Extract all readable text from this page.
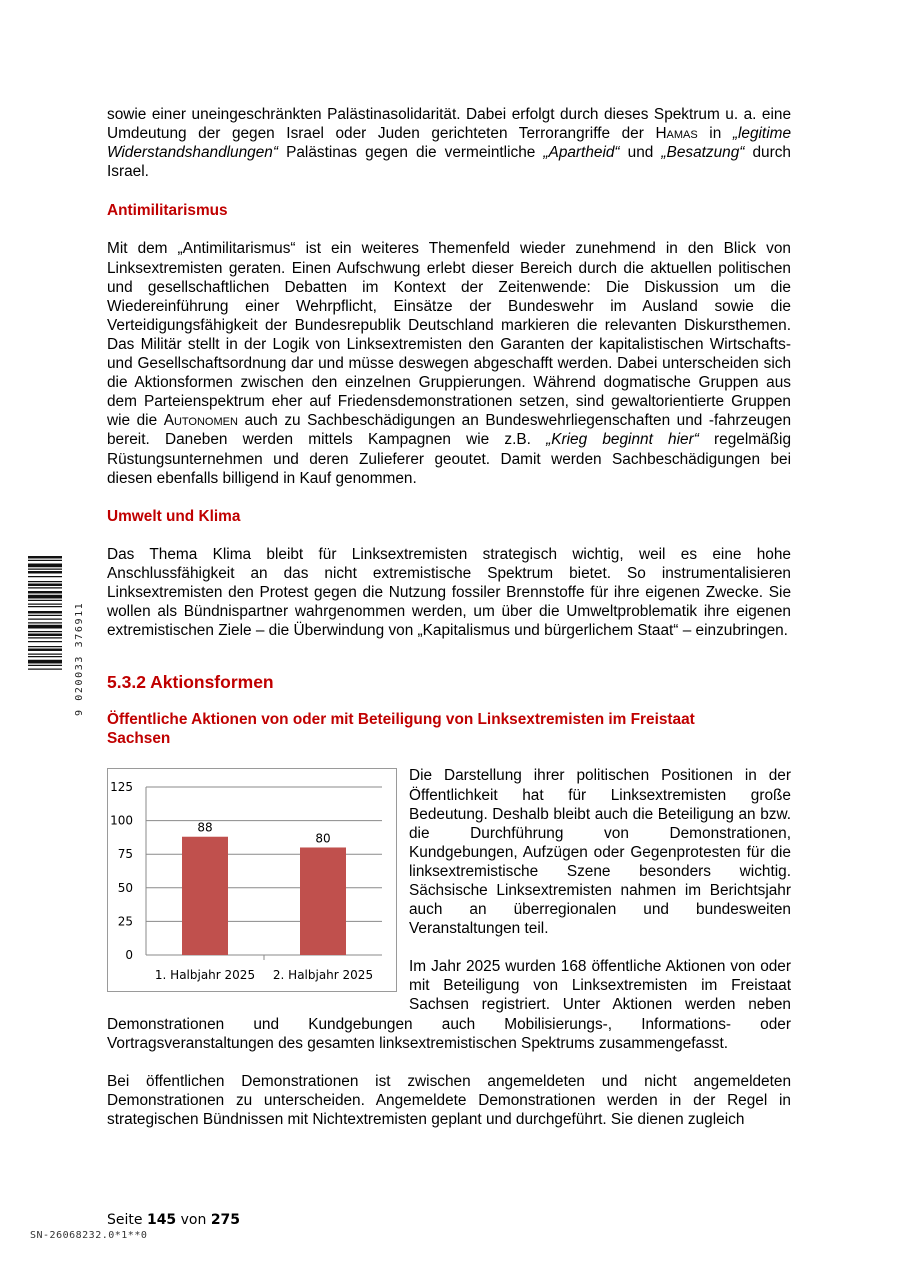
9 020033 376911

sowie einer uneingeschränkten Palästinasolidarität. Dabei erfolgt durch dieses Spektrum u. a. eine Umdeutung der gegen Israel oder Juden gerichteten Terrorangriffe der Hamas in „legitime Widerstandshandlungen“ Palästinas gegen die vermeintliche „Apartheid“ und „Besatzung“ durch Israel.

Antimilitarismus

Mit dem „Antimilitarismus“ ist ein weiteres Themenfeld wieder zunehmend in den Blick von Linksextremisten geraten. Einen Aufschwung erlebt dieser Bereich durch die aktuellen politischen und gesellschaftlichen Debatten im Kontext der Zeitenwende: Die Diskussion um die Wiedereinführung einer Wehrpflicht, Einsätze der Bundeswehr im Ausland sowie die Verteidigungsfähigkeit der Bundesrepublik Deutschland markieren die relevanten Diskursthemen. Das Militär stellt in der Logik von Linksextremisten den Garanten der kapitalistischen Wirtschafts- und Gesellschaftsordnung dar und müsse deswegen abgeschafft werden. Dabei unterscheiden sich die Aktionsformen zwischen den einzelnen Gruppierungen. Während dogmatische Gruppen aus dem Parteienspektrum eher auf Friedensdemonstrationen setzen, sind gewaltorientierte Gruppen wie die Autonomen auch zu Sachbeschädigungen an Bundeswehrliegenschaften und -fahrzeugen bereit. Daneben werden mittels Kampagnen wie z.B. „Krieg beginnt hier“ regelmäßig Rüstungsunternehmen und deren Zulieferer geoutet. Damit werden Sachbeschädigungen bei diesen ebenfalls billigend in Kauf genommen.

Umwelt und Klima

Das Thema Klima bleibt für Linksextremisten strategisch wichtig, weil es eine hohe Anschlussfähigkeit an das nicht extremistische Spektrum bietet. So instrumentalisieren Linksextremisten den Protest gegen die Nutzung fossiler Brennstoffe für ihre eigenen Zwecke. Sie wollen als Bündnispartner wahrgenommen werden, um über die Umweltproblematik ihre eigenen extremistischen Ziele – die Überwindung von „Kapitalismus und bürgerlichem Staat“ – einzubringen.

5.3.2 Aktionsformen
Öffentliche Aktionen von oder mit Beteiligung von Linksextremisten im Freistaat Sachsen
0
25
50
75
100
125
88
1. Halbjahr 2025
80
2. Halbjahr 2025

Die Darstellung ihrer politischen Positionen in der Öffentlichkeit hat für Linksextremisten große Bedeutung. Deshalb bleibt auch die Beteiligung an bzw. die Durchführung von Demonstrationen, Kundgebungen, Aufzügen oder Gegenprotesten für die linksextremistische Szene besonders wichtig. Sächsische Linksextremisten nahmen im Berichtsjahr auch an überregionalen und bundesweiten Veranstaltungen teil.

Im Jahr 2025 wurden 168 öffentliche Aktionen von oder mit Beteiligung von Linksextremisten im Freistaat Sachsen registriert. Unter Aktionen werden neben Demonstrationen und Kundgebungen auch Mobilisierungs-, Informations- oder Vortragsveranstaltungen des gesamten linksextremistischen Spektrums zusammengefasst.

Bei öffentlichen Demonstrationen ist zwischen angemeldeten und nicht angemeldeten Demonstrationen zu unterscheiden. Angemeldete Demonstrationen werden in der Regel in strategischen Bündnissen mit Nichtextremisten geplant und durchgeführt. Sie dienen zugleich

Seite 145 von 275
SN-26068232.0*1**0
